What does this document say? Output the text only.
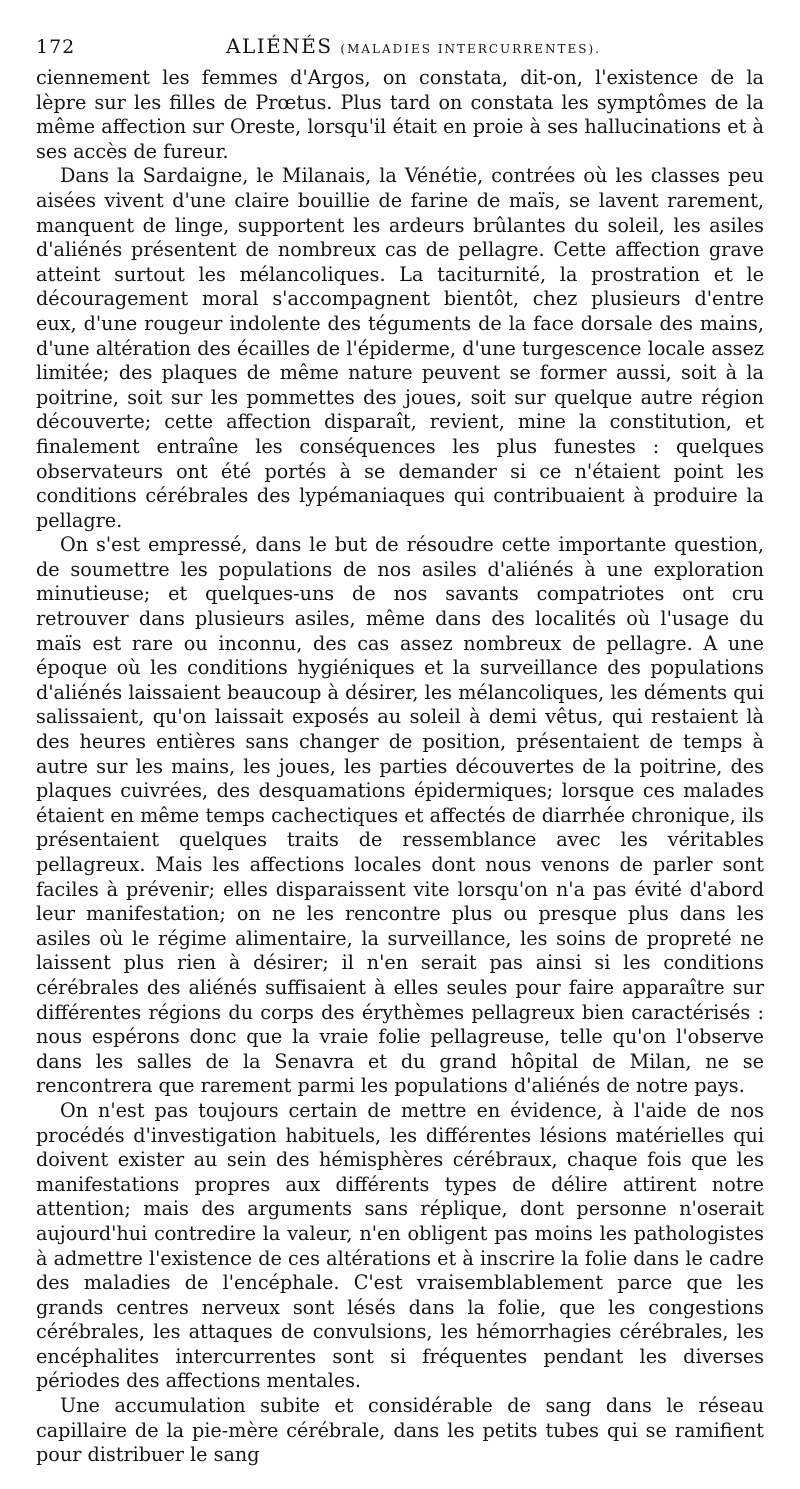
172	ALIÉNÉS (MALADIES INTERCURRENTES).

ciennement les femmes d'Argos, on constata, dit-on, l'existence de la lèpre sur les filles de Prœtus. Plus tard on constata les symptômes de la même affection sur Oreste, lorsqu'il était en proie à ses hallucinations et à ses accès de fureur.

Dans la Sardaigne, le Milanais, la Vénétie, contrées où les classes peu aisées vivent d'une claire bouillie de farine de maïs, se lavent rarement, manquent de linge, supportent les ardeurs brûlantes du soleil, les asiles d'aliénés présentent de nombreux cas de pellagre. Cette affection grave atteint surtout les mélancoliques. La taciturnité, la prostration et le découragement moral s'accompagnent bientôt, chez plusieurs d'entre eux, d'une rougeur indolente des téguments de la face dorsale des mains, d'une altération des écailles de l'épiderme, d'une turgescence locale assez limitée; des plaques de même nature peuvent se former aussi, soit à la poitrine, soit sur les pommettes des joues, soit sur quelque autre région découverte; cette affection disparaît, revient, mine la constitution, et finalement entraîne les conséquences les plus funestes : quelques observateurs ont été portés à se demander si ce n'étaient point les conditions cérébrales des lypémaniaques qui contribuaient à produire la pellagre.

On s'est empressé, dans le but de résoudre cette importante question, de soumettre les populations de nos asiles d'aliénés à une exploration minutieuse; et quelques-uns de nos savants compatriotes ont cru retrouver dans plusieurs asiles, même dans des localités où l'usage du maïs est rare ou inconnu, des cas assez nombreux de pellagre. A une époque où les conditions hygiéniques et la surveillance des populations d'aliénés laissaient beaucoup à désirer, les mélancoliques, les déments qui salissaient, qu'on laissait exposés au soleil à demi vêtus, qui restaient là des heures entières sans changer de position, présentaient de temps à autre sur les mains, les joues, les parties découvertes de la poitrine, des plaques cuivrées, des desquamations épidermiques; lorsque ces malades étaient en même temps cachectiques et affectés de diarrhée chronique, ils présentaient quelques traits de ressemblance avec les véritables pellagreux. Mais les affections locales dont nous venons de parler sont faciles à prévenir; elles disparaissent vite lorsqu'on n'a pas évité d'abord leur manifestation; on ne les rencontre plus ou presque plus dans les asiles où le régime alimentaire, la surveillance, les soins de propreté ne laissent plus rien à désirer; il n'en serait pas ainsi si les conditions cérébrales des aliénés suffisaient à elles seules pour faire apparaître sur différentes régions du corps des érythèmes pellagreux bien caractérisés : nous espérons donc que la vraie folie pellagreuse, telle qu'on l'observe dans les salles de la Senavra et du grand hôpital de Milan, ne se rencontrera que rarement parmi les populations d'aliénés de notre pays.

On n'est pas toujours certain de mettre en évidence, à l'aide de nos procédés d'investigation habituels, les différentes lésions matérielles qui doivent exister au sein des hémisphères cérébraux, chaque fois que les manifestations propres aux différents types de délire attirent notre attention; mais des arguments sans réplique, dont personne n'oserait aujourd'hui contredire la valeur, n'en obligent pas moins les pathologistes à admettre l'existence de ces altérations et à inscrire la folie dans le cadre des maladies de l'encéphale. C'est vraisemblablement parce que les grands centres nerveux sont lésés dans la folie, que les congestions cérébrales, les attaques de convulsions, les hémorrhagies cérébrales, les encéphalites intercurrentes sont si fréquentes pendant les diverses périodes des affections mentales.

Une accumulation subite et considérable de sang dans le réseau capillaire de la pie-mère cérébrale, dans les petits tubes qui se ramifient pour distribuer le sang
